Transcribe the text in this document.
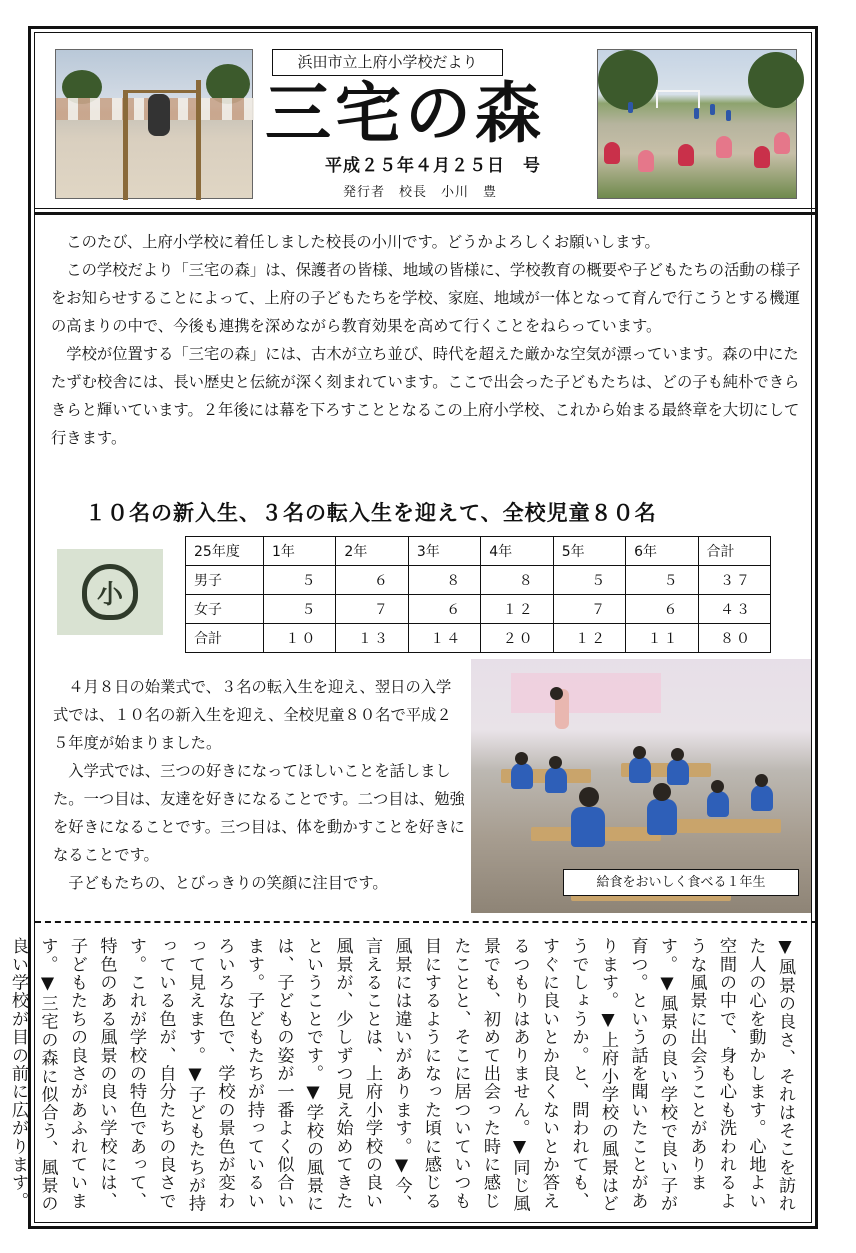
浜田市立上府小学校だより
三宅の森
平成２５年４月２５日　号
発行者　校長　小川　豊

このたび、上府小学校に着任しました校長の小川です。どうかよろしくお願いします。

この学校だより「三宅の森」は、保護者の皆様、地域の皆様に、学校教育の概要や子どもたちの活動の様子をお知らせすることによって、上府の子どもたちを学校、家庭、地域が一体となって育んで行こうとする機運の高まりの中で、今後も連携を深めながら教育効果を高めて行くことをねらっています。

学校が位置する「三宅の森」には、古木が立ち並び、時代を超えた厳かな空気が漂っています。森の中にたたずむ校舎には、長い歴史と伝統が深く刻まれています。ここで出会った子どもたちは、どの子も純朴できらきらと輝いています。２年後には幕を下ろすこととなるこの上府小学校、これから始まる最終章を大切にして行きます。

１０名の新入生、３名の転入生を迎えて、全校児童８０名
小
25年度	1年	2年	3年	4年	5年	6年	合計
男子	５	６	８	８	５	５	３７
女子	５	７	６	１２	７	６	４３
合計	１０	１３	１４	２０	１２	１１	８０

４月８日の始業式で、３名の転入生を迎え、翌日の入学式では、１０名の新入生を迎え、全校児童８０名で平成２５年度が始まりました。

入学式では、三つの好きになってほしいことを話しました。一つ目は、友達を好きになることです。二つ目は、勉強を好きになることです。三つ目は、体を動かすことを好きになることです。

子どもたちの、とびっきりの笑顔に注目です。	給食をおいしく食べる１年生
▼風景の良さ、それはそこを訪れた人の心を動かします。心地よい空間の中で、身も心も洗われるような風景に出会うことがあります。▼風景の良い学校で良い子が育つ。という話を聞いたことがあります。▼上府小学校の風景はどうでしょうか。と、問われても、すぐに良いとか良くないとか答えるつもりはありません。▼同じ風景でも、初めて出会った時に感じたことと、そこに居ついていつも目にするようになった頃に感じる風景には違いがあります。▼今、言えることは、上府小学校の良い風景が、少しずつ見え始めてきたということです。▼学校の風景には、子どもの姿が一番よく似合います。子どもたちが持っているいろいろな色で、学校の景色が変わって見えます。▼子どもたちが持っている色が、自分たちの良さです。これが学校の特色であって、特色のある風景の良い学校には、子どもたちの良さがあふれています。▼三宅の森に似合う、風景の良い学校が目の前に広がります。
